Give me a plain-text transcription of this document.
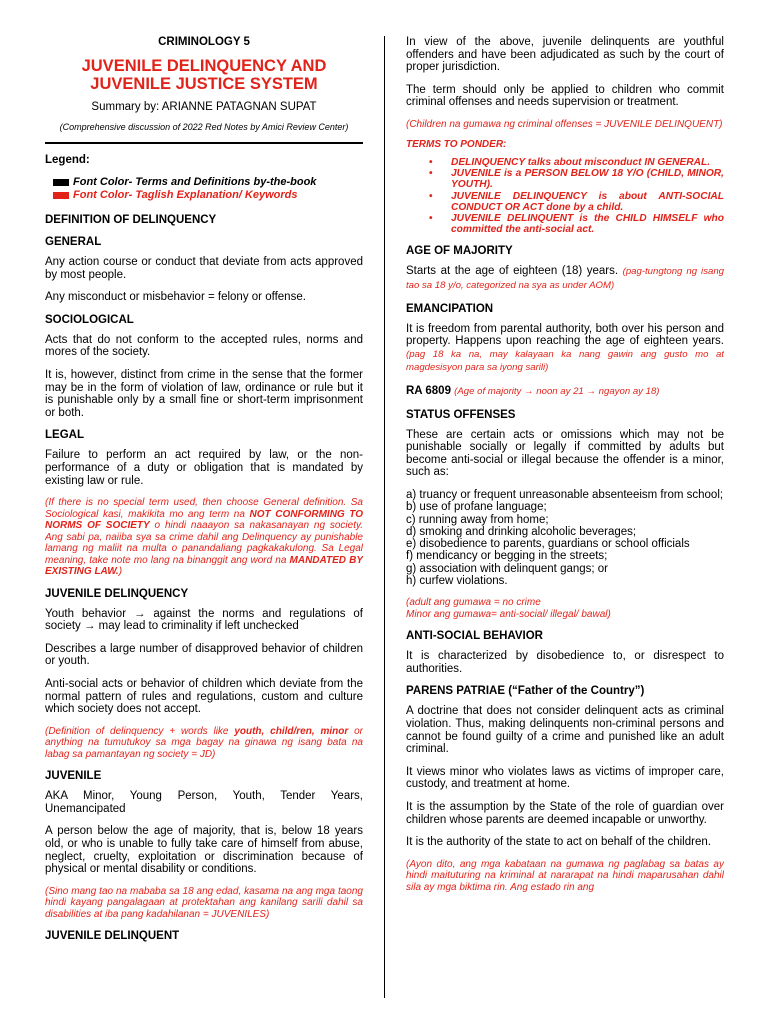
CRIMINOLOGY 5
JUVENILE DELINQUENCY AND
JUVENILE JUSTICE SYSTEM
Summary by: ARIANNE PATAGNAN SUPAT
(Comprehensive discussion of 2022 Red Notes by Amici Review Center)
Legend:
Font Color- Terms and Definitions by-the-book
Font Color- Taglish Explanation/ Keywords
DEFINITION OF DELINQUENCY
GENERAL

Any action course or conduct that deviate from acts approved by most people.

Any misconduct or misbehavior = felony or offense.

SOCIOLOGICAL

Acts that do not conform to the accepted rules, norms and mores of the society.

It is, however, distinct from crime in the sense that the former may be in the form of violation of law, ordinance or rule but it is punishable only by a small fine or short-term imprisonment or both.

LEGAL

Failure to perform an act required by law, or the non-performance of a duty or obligation that is mandated by existing law or rule.

(If there is no special term used, then choose General definition. Sa Sociological kasi, makikita mo ang term na NOT CONFORMING TO NORMS OF SOCIETY o hindi naaayon sa nakasanayan ng society. Ang sabi pa, naiiba sya sa crime dahil ang Delinquency ay punishable lamang ng maliit na multa o panandaliang pagkakakulong. Sa Legal meaning, take note mo lang na binanggit ang word na MANDATED BY EXISTING LAW.)
JUVENILE DELINQUENCY

Youth behavior → against the norms and regulations of society → may lead to criminality if left unchecked

Describes a large number of disapproved behavior of children or youth.

Anti-social acts or behavior of children which deviate from the normal pattern of rules and regulations, custom and culture which society does not accept.

(Definition of delinquency + words like youth, child/ren, minor or anything na tumutukoy sa mga bagay na ginawa ng isang bata na labag sa pamantayan ng society = JD)
JUVENILE

AKA Minor, Young Person, Youth, Tender Years, Unemancipated

A person below the age of majority, that is, below 18 years old, or who is unable to fully take care of himself from abuse, neglect, cruelty, exploitation or discrimination because of physical or mental disability or conditions.

(Sino mang tao na mababa sa 18 ang edad, kasama na ang mga taong hindi kayang pangalagaan at protektahan ang kanilang sarili dahil sa disabilities at iba pang kadahilanan = JUVENILES)
JUVENILE DELINQUENT

In view of the above, juvenile delinquents are youthful offenders and have been adjudicated as such by the court of proper jurisdiction.

The term should only be applied to children who commit criminal offenses and needs supervision or treatment.

(Children na gumawa ng criminal offenses = JUVENILE DELINQUENT)
TERMS TO PONDER:
• DELINQUENCY talks about misconduct IN GENERAL.
• JUVENILE is a PERSON BELOW 18 Y/O (CHILD, MINOR, YOUTH).
• JUVENILE DELINQUENCY is about ANTI-SOCIAL CONDUCT OR ACT done by a child.
• JUVENILE DELINQUENT is the CHILD HIMSELF who committed the anti-social act.
AGE OF MAJORITY

Starts at the age of eighteen (18) years. (pag-tungtong ng isang tao sa 18 y/o, categorized na sya as under AOM)

EMANCIPATION

It is freedom from parental authority, both over his person and property. Happens upon reaching the age of eighteen years. (pag 18 ka na, may kalayaan ka nang gawin ang gusto mo at magdesisyon para sa iyong sarili)

RA 6809 (Age of majority → noon ay 21 → ngayon ay 18)

STATUS OFFENSES

These are certain acts or omissions which may not be punishable socially or legally if committed by adults but become anti-social or illegal because the offender is a minor, such as:

a) truancy or frequent unreasonable absenteeism from school;
b) use of profane language;
c) running away from home;
d) smoking and drinking alcoholic beverages;
e) disobedience to parents, guardians or school officials
f) mendicancy or begging in the streets;
g) association with delinquent gangs; or
h) curfew violations.
(adult ang gumawa = no crime
Minor ang gumawa= anti-social/ illegal/ bawal)
ANTI-SOCIAL BEHAVIOR

It is characterized by disobedience to, or disrespect to authorities.

PARENS PATRIAE (“Father of the Country”)

A doctrine that does not consider delinquent acts as criminal violation. Thus, making delinquents non-criminal persons and cannot be found guilty of a crime and punished like an adult criminal.

It views minor who violates laws as victims of improper care, custody, and treatment at home.

It is the assumption by the State of the role of guardian over children whose parents are deemed incapable or unworthy.

It is the authority of the state to act on behalf of the children.

(Ayon dito, ang mga kabataan na gumawa ng paglabag sa batas ay hindi maituturing na kriminal at nararapat na hindi maparusahan dahil sila ay mga biktima rin. Ang estado rin ang
